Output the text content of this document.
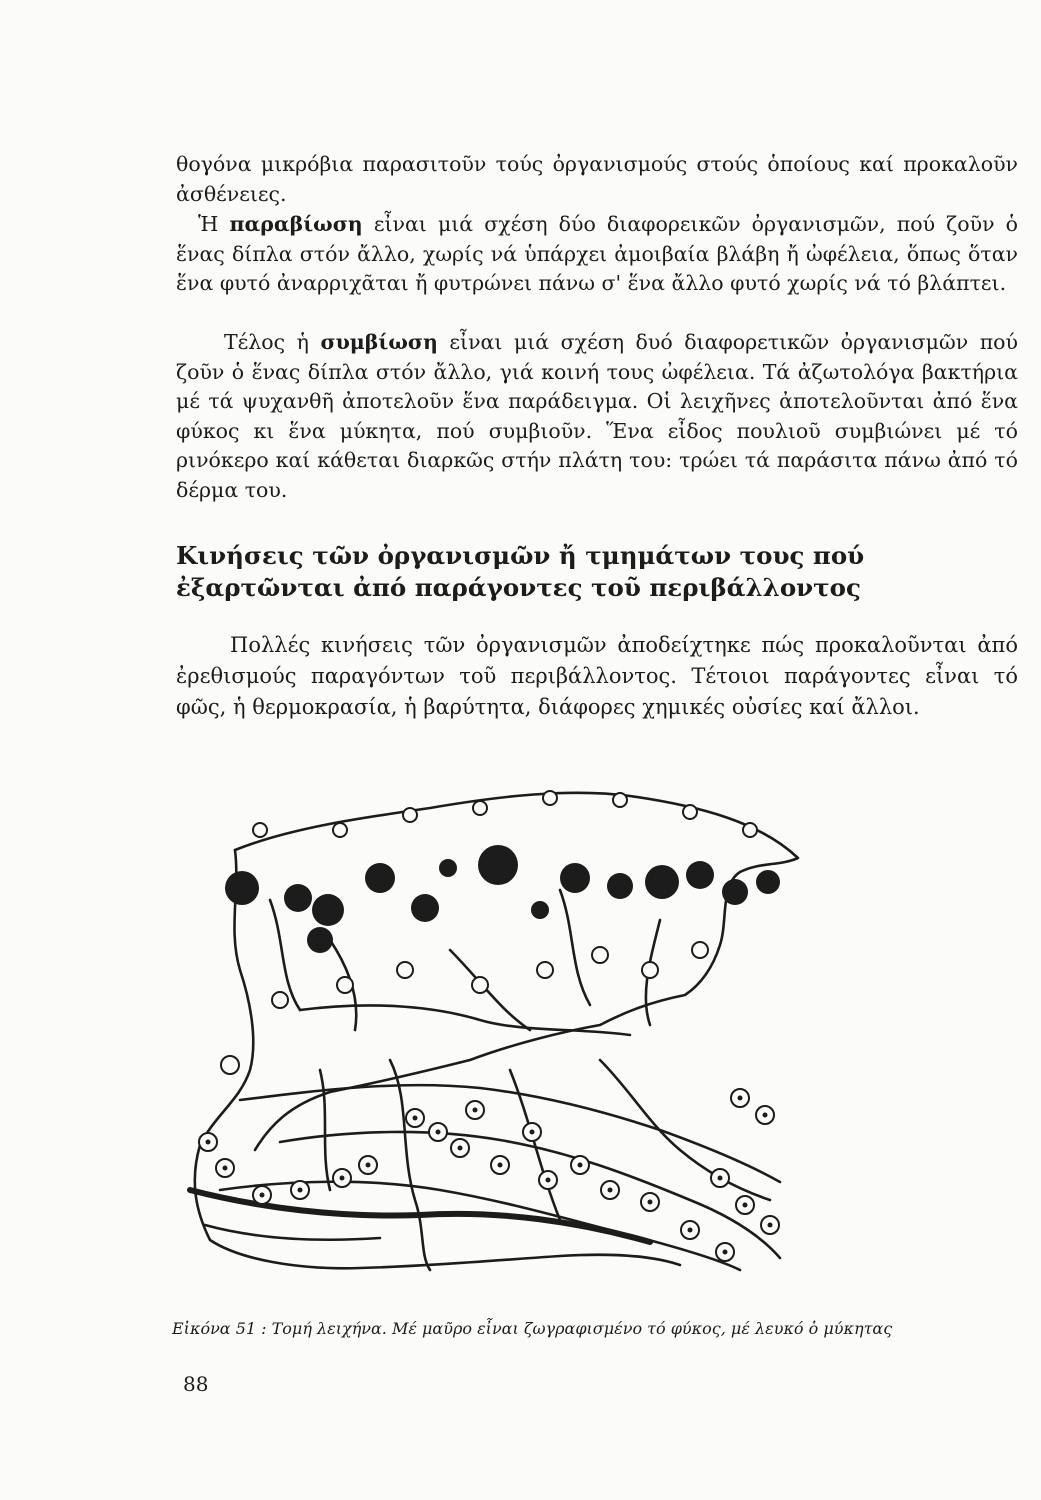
θογόνα μικρόβια παρασιτοῦν τούς ὀργανισμούς στούς ὁποίους καί προκαλοῦν ἀσθένειες.

Ἡ παραβίωση εἶναι μιά σχέση δύο διαφορεικῶν ὀργανισμῶν, πού ζοῦν ὁ ἕνας δίπλα στόν ἄλλο, χωρίς νά ὑπάρχει ἀμοιβαία βλάβη ἤ ὠφέλεια, ὅπως ὅταν ἕνα φυτό ἀναρριχᾶται ἤ φυτρώνει πάνω σ' ἕνα ἄλλο φυτό χωρίς νά τό βλάπτει.

Τέλος ἡ συμβίωση εἶναι μιά σχέση δυό διαφορετικῶν ὀργανισμῶν πού ζοῦν ὁ ἕνας δίπλα στόν ἄλλο, γιά κοινή τους ὠφέλεια. Τά ἀζωτολόγα βακτήρια μέ τά ψυχανθῆ ἀποτελοῦν ἕνα παράδειγμα. Οἱ λειχῆνες ἀποτελοῦνται ἀπό ἕνα φύκος κι ἕνα μύκητα, πού συμβιοῦν. Ἕνα εἶδος πουλιοῦ συμβιώνει μέ τό ρινόκερο καί κάθεται διαρκῶς στήν πλάτη του: τρώει τά παράσιτα πάνω ἀπό τό δέρμα του.

Κινήσεις τῶν ὀργανισμῶν ἤ τμημάτων τους πού ἐξαρτῶνται ἀπό παράγοντες τοῦ περιβάλλοντος

Πολλές κινήσεις τῶν ὀργανισμῶν ἀποδείχτηκε πώς προκαλοῦνται ἀπό ἐρεθισμούς παραγόντων τοῦ περιβάλλοντος. Τέτοιοι παράγοντες εἶναι τό φῶς, ἡ θερμοκρασία, ἡ βαρύτητα, διάφορες χημικές οὐσίες καί ἄλλοι.

Εἰκόνα 51 : Τομή λειχήνα. Μέ μαῦρο εἶναι ζωγραφισμένο τό φύκος, μέ λευκό ὁ μύκητας

88
